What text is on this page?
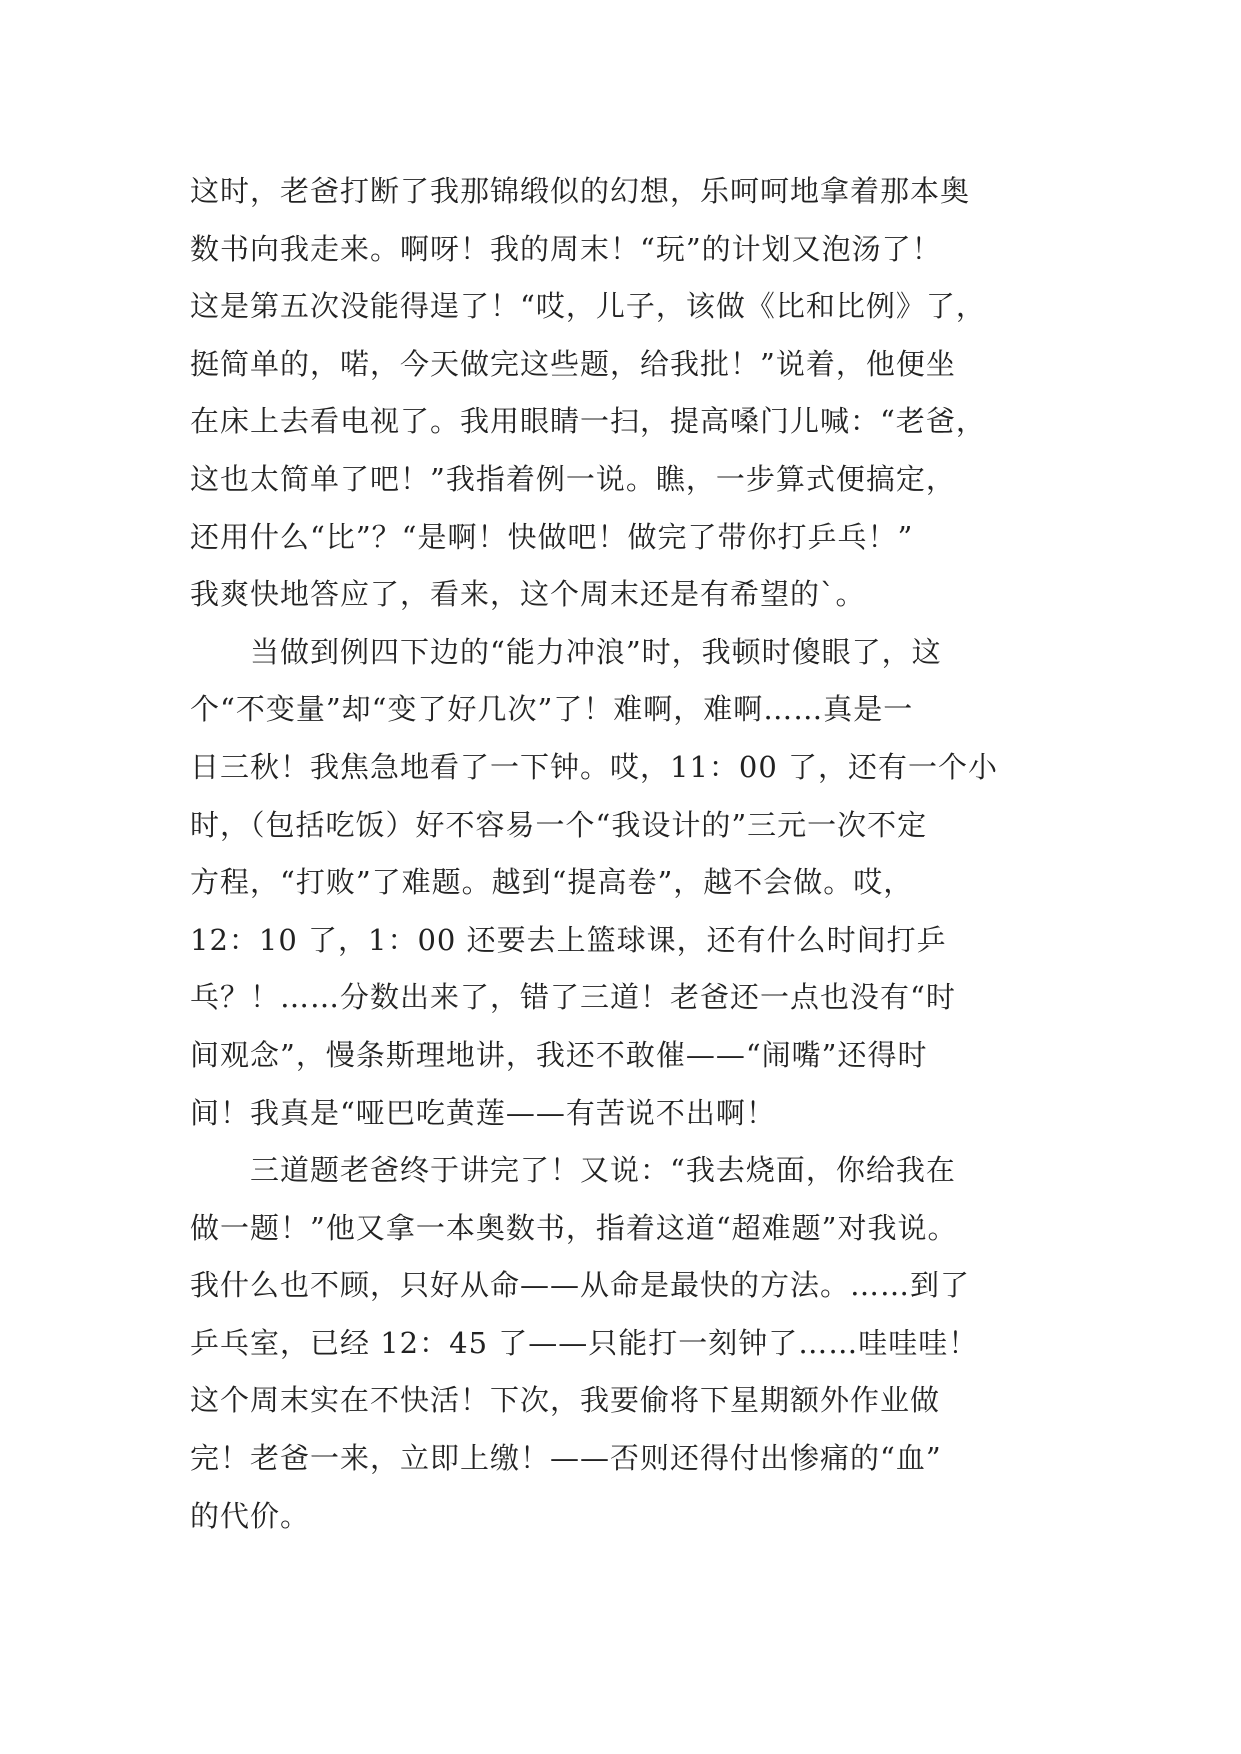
这时，老爸打断了我那锦缎似的幻想，乐呵呵地拿着那本奥
数书向我走来。啊呀！我的周末！“玩”的计划又泡汤了！
这是第五次没能得逞了！“哎，儿子，该做《比和比例》了，
挺简单的，喏，今天做完这些题，给我批！”说着，他便坐
在床上去看电视了。我用眼睛一扫，提高嗓门儿喊：“老爸，
这也太简单了吧！”我指着例一说。瞧，一步算式便搞定，
还用什么“比”？“是啊！快做吧！做完了带你打乒乓！”
我爽快地答应了，看来，这个周末还是有希望的`。
　　当做到例四下边的“能力冲浪”时，我顿时傻眼了，这
个“不变量”却“变了好几次”了！难啊，难啊……真是一
日三秋！我焦急地看了一下钟。哎，11：00 了，还有一个小
时，（包括吃饭）好不容易一个“我设计的”三元一次不定
方程，“打败”了难题。越到“提高卷”，越不会做。哎，
12：10 了，1：00 还要去上篮球课，还有什么时间打乒
乓？！……分数出来了，错了三道！老爸还一点也没有“时
间观念”，慢条斯理地讲，我还不敢催——“闹嘴”还得时
间！我真是“哑巴吃黄莲——有苦说不出啊！
　　三道题老爸终于讲完了！又说：“我去烧面，你给我在
做一题！”他又拿一本奥数书，指着这道“超难题”对我说。
我什么也不顾，只好从命——从命是最快的方法。……到了
乒乓室，已经 12：45 了——只能打一刻钟了……哇哇哇！
这个周末实在不快活！下次，我要偷将下星期额外作业做
完！老爸一来，立即上缴！——否则还得付出惨痛的“血”
的代价。
